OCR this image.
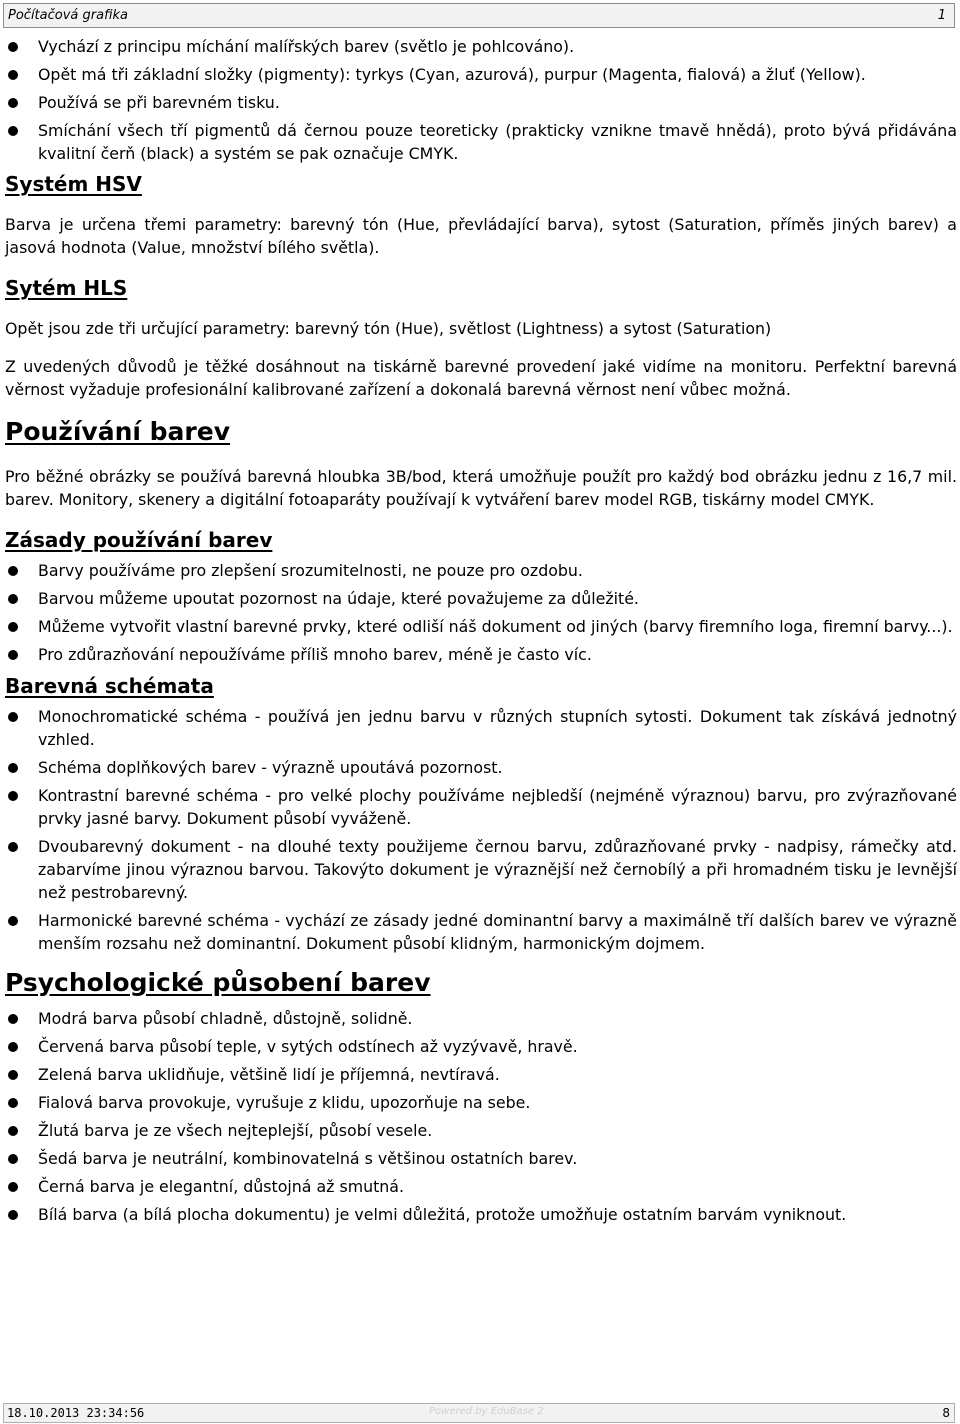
Počítačová grafika	1
Vychází z principu míchání malířských barev (světlo je pohlcováno).
Opět má tři základní složky (pigmenty): tyrkys (Cyan, azurová), purpur (Magenta, fialová) a žluť (Yellow).
Používá se při barevném tisku.
Smíchání všech tří pigmentů dá černou pouze teoreticky (prakticky vznikne tmavě hnědá), proto bývá přidávána kvalitní čerň (black) a systém se pak označuje CMYK.
Systém HSV

Barva je určena třemi parametry: barevný tón (Hue, převládající barva), sytost (Saturation, příměs jiných barev) a jasová hodnota (Value, množství bílého světla).

Sytém HLS

Opět jsou zde tři určující parametry: barevný tón (Hue), světlost (Lightness) a sytost (Saturation)

Z uvedených důvodů je těžké dosáhnout na tiskárně barevné provedení jaké vidíme na monitoru. Perfektní barevná věrnost vyžaduje profesionální kalibrované zařízení a dokonalá barevná věrnost není vůbec možná.

Používání barev

Pro běžné obrázky se používá barevná hloubka 3B/bod, která umožňuje použít pro každý bod obrázku jednu z 16,7 mil. barev. Monitory, skenery a digitální fotoaparáty používají k vytváření barev model RGB, tiskárny model CMYK.

Zásady používání barev
Barvy používáme pro zlepšení srozumitelnosti, ne pouze pro ozdobu.
Barvou můžeme upoutat pozornost na údaje, které považujeme za důležité.
Můžeme vytvořit vlastní barevné prvky, které odliší náš dokument od jiných (barvy firemního loga, firemní barvy...).
Pro zdůrazňování nepoužíváme příliš mnoho barev, méně je často víc.
Barevná schémata
Monochromatické schéma - používá jen jednu barvu v různých stupních sytosti. Dokument tak získává jednotný vzhled.
Schéma doplňkových barev - výrazně upoutává pozornost.
Kontrastní barevné schéma - pro velké plochy používáme nejbledší (nejméně výraznou) barvu, pro zvýrazňované prvky jasné barvy. Dokument působí vyváženě.
Dvoubarevný dokument - na dlouhé texty použijeme černou barvu, zdůrazňované prvky - nadpisy, rámečky atd. zabarvíme jinou výraznou barvou. Takovýto dokument je výraznější než černobílý a při hromadném tisku je levnější než pestrobarevný.
Harmonické barevné schéma - vychází ze zásady jedné dominantní barvy a maximálně tří dalších barev ve výrazně menším rozsahu než dominantní. Dokument působí klidným, harmonickým dojmem.
Psychologické působení barev
Modrá barva působí chladně, důstojně, solidně.
Červená barva působí teple, v sytých odstínech až vyzývavě, hravě.
Zelená barva uklidňuje, většině lidí je příjemná, nevtíravá.
Fialová barva provokuje, vyrušuje z klidu, upozorňuje na sebe.
Žlutá barva je ze všech nejteplejší, působí vesele.
Šedá barva je neutrální, kombinovatelná s většinou ostatních barev.
Černá barva je elegantní, důstojná až smutná.
Bílá barva (a bílá plocha dokumentu) je velmi důležitá, protože umožňuje ostatním barvám vyniknout.
18.10.2013 23:34:56	Powered by EduBase 2	8
